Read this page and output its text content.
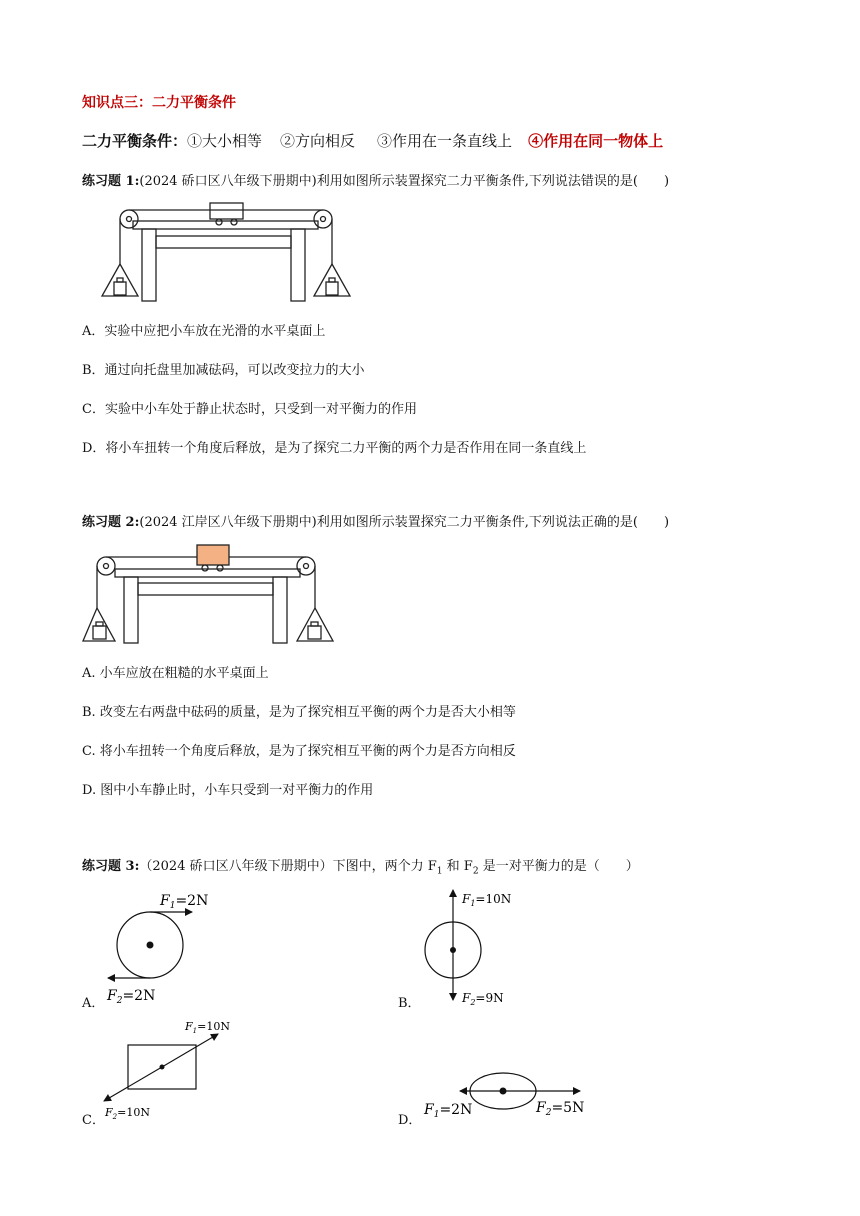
知识点三：二力平衡条件
二力平衡条件：①大小相等 ②方向相反 ③作用在一条直线上 ④作用在同一物体上
练习题 1:(2024 硚口区八年级下册期中)利用如图所示装置探究二力平衡条件,下列说法错误的是(　　)
A．实验中应把小车放在光滑的水平桌面上
B．通过向托盘里加减砝码，可以改变拉力的大小
C．实验中小车处于静止状态时，只受到一对平衡力的作用
D．将小车扭转一个角度后释放，是为了探究二力平衡的两个力是否作用在同一条直线上
练习题 2:(2024 江岸区八年级下册期中)利用如图所示装置探究二力平衡条件,下列说法正确的是(　　)
A. 小车应放在粗糙的水平桌面上
B. 改变左右两盘中砝码的质量，是为了探究相互平衡的两个力是否大小相等
C. 将小车扭转一个角度后释放，是为了探究相互平衡的两个力是否方向相反
D. 图中小车静止时，小车只受到一对平衡力的作用
练习题 3:（2024 硚口区八年级下册期中）下图中，两个力 $F_1$ 和 $F_2$ 是一对平衡力的是（　　）
$F_1=2N$
$F_2=2N$
A．
$F_1=10N$
$F_2=9N$
B．
$F_1=10N$
$F_2=10N$
C．
$F_1=2N$	$F_2=5N$
D．
